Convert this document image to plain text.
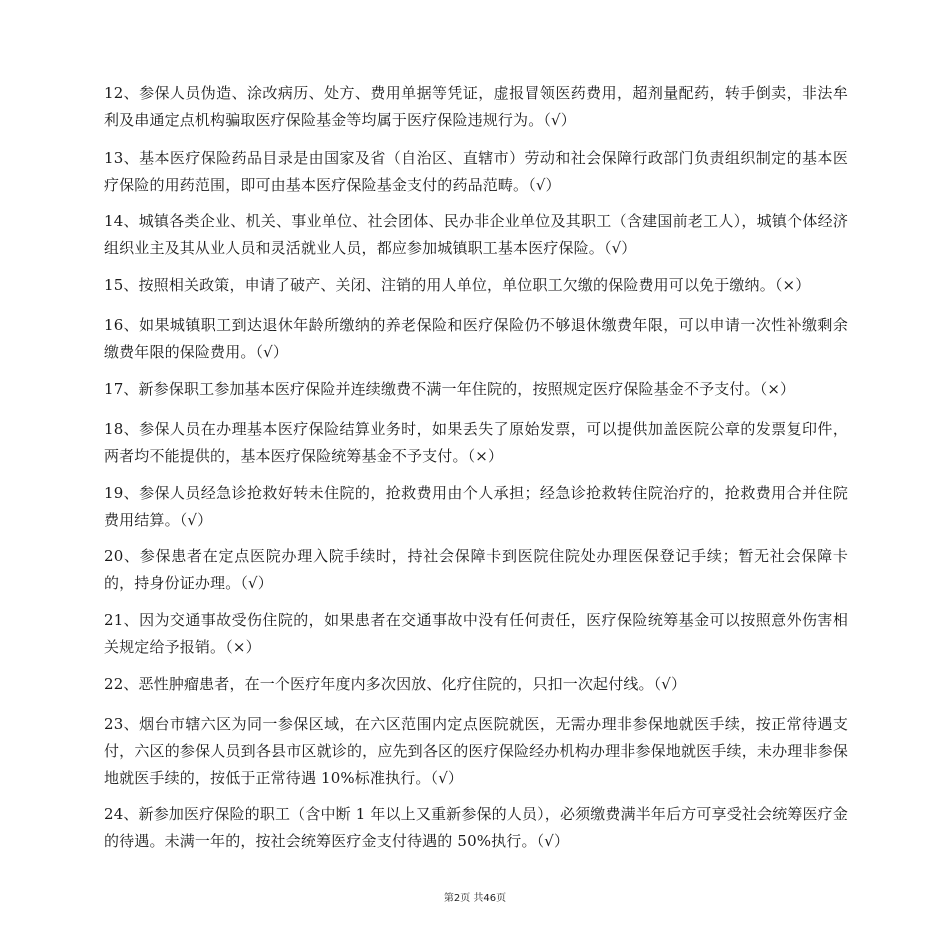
12、参保人员伪造、涂改病历、处方、费用单据等凭证，虚报冒领医药费用，超剂量配药，转手倒卖，非法牟利及串通定点机构骗取医疗保险基金等均属于医疗保险违规行为。（√）

13、基本医疗保险药品目录是由国家及省（自治区、直辖市）劳动和社会保障行政部门负责组织制定的基本医疗保险的用药范围，即可由基本医疗保险基金支付的药品范畴。（√）

14、城镇各类企业、机关、事业单位、社会团体、民办非企业单位及其职工（含建国前老工人），城镇个体经济组织业主及其从业人员和灵活就业人员，都应参加城镇职工基本医疗保险。（√）

15、按照相关政策，申请了破产、关闭、注销的用人单位，单位职工欠缴的保险费用可以免于缴纳。（×）

16、如果城镇职工到达退休年龄所缴纳的养老保险和医疗保险仍不够退休缴费年限，可以申请一次性补缴剩余缴费年限的保险费用。（√）

17、新参保职工参加基本医疗保险并连续缴费不满一年住院的，按照规定医疗保险基金不予支付。（×）

18、参保人员在办理基本医疗保险结算业务时，如果丢失了原始发票，可以提供加盖医院公章的发票复印件，两者均不能提供的，基本医疗保险统筹基金不予支付。（×）

19、参保人员经急诊抢救好转未住院的，抢救费用由个人承担；经急诊抢救转住院治疗的，抢救费用合并住院费用结算。（√）

20、参保患者在定点医院办理入院手续时，持社会保障卡到医院住院处办理医保登记手续；暂无社会保障卡的，持身份证办理。（√）

21、因为交通事故受伤住院的，如果患者在交通事故中没有任何责任，医疗保险统筹基金可以按照意外伤害相关规定给予报销。（×）

22、恶性肿瘤患者，在一个医疗年度内多次因放、化疗住院的，只扣一次起付线。（√）

23、烟台市辖六区为同一参保区域，在六区范围内定点医院就医，无需办理非参保地就医手续，按正常待遇支付，六区的参保人员到各县市区就诊的，应先到各区的医疗保险经办机构办理非参保地就医手续，未办理非参保地就医手续的，按低于正常待遇 10%标准执行。（√）

24、新参加医疗保险的职工（含中断 1 年以上又重新参保的人员），必须缴费满半年后方可享受社会统筹医疗金的待遇。未满一年的，按社会统筹医疗金支付待遇的 50%执行。（√）

第2页 共46页
